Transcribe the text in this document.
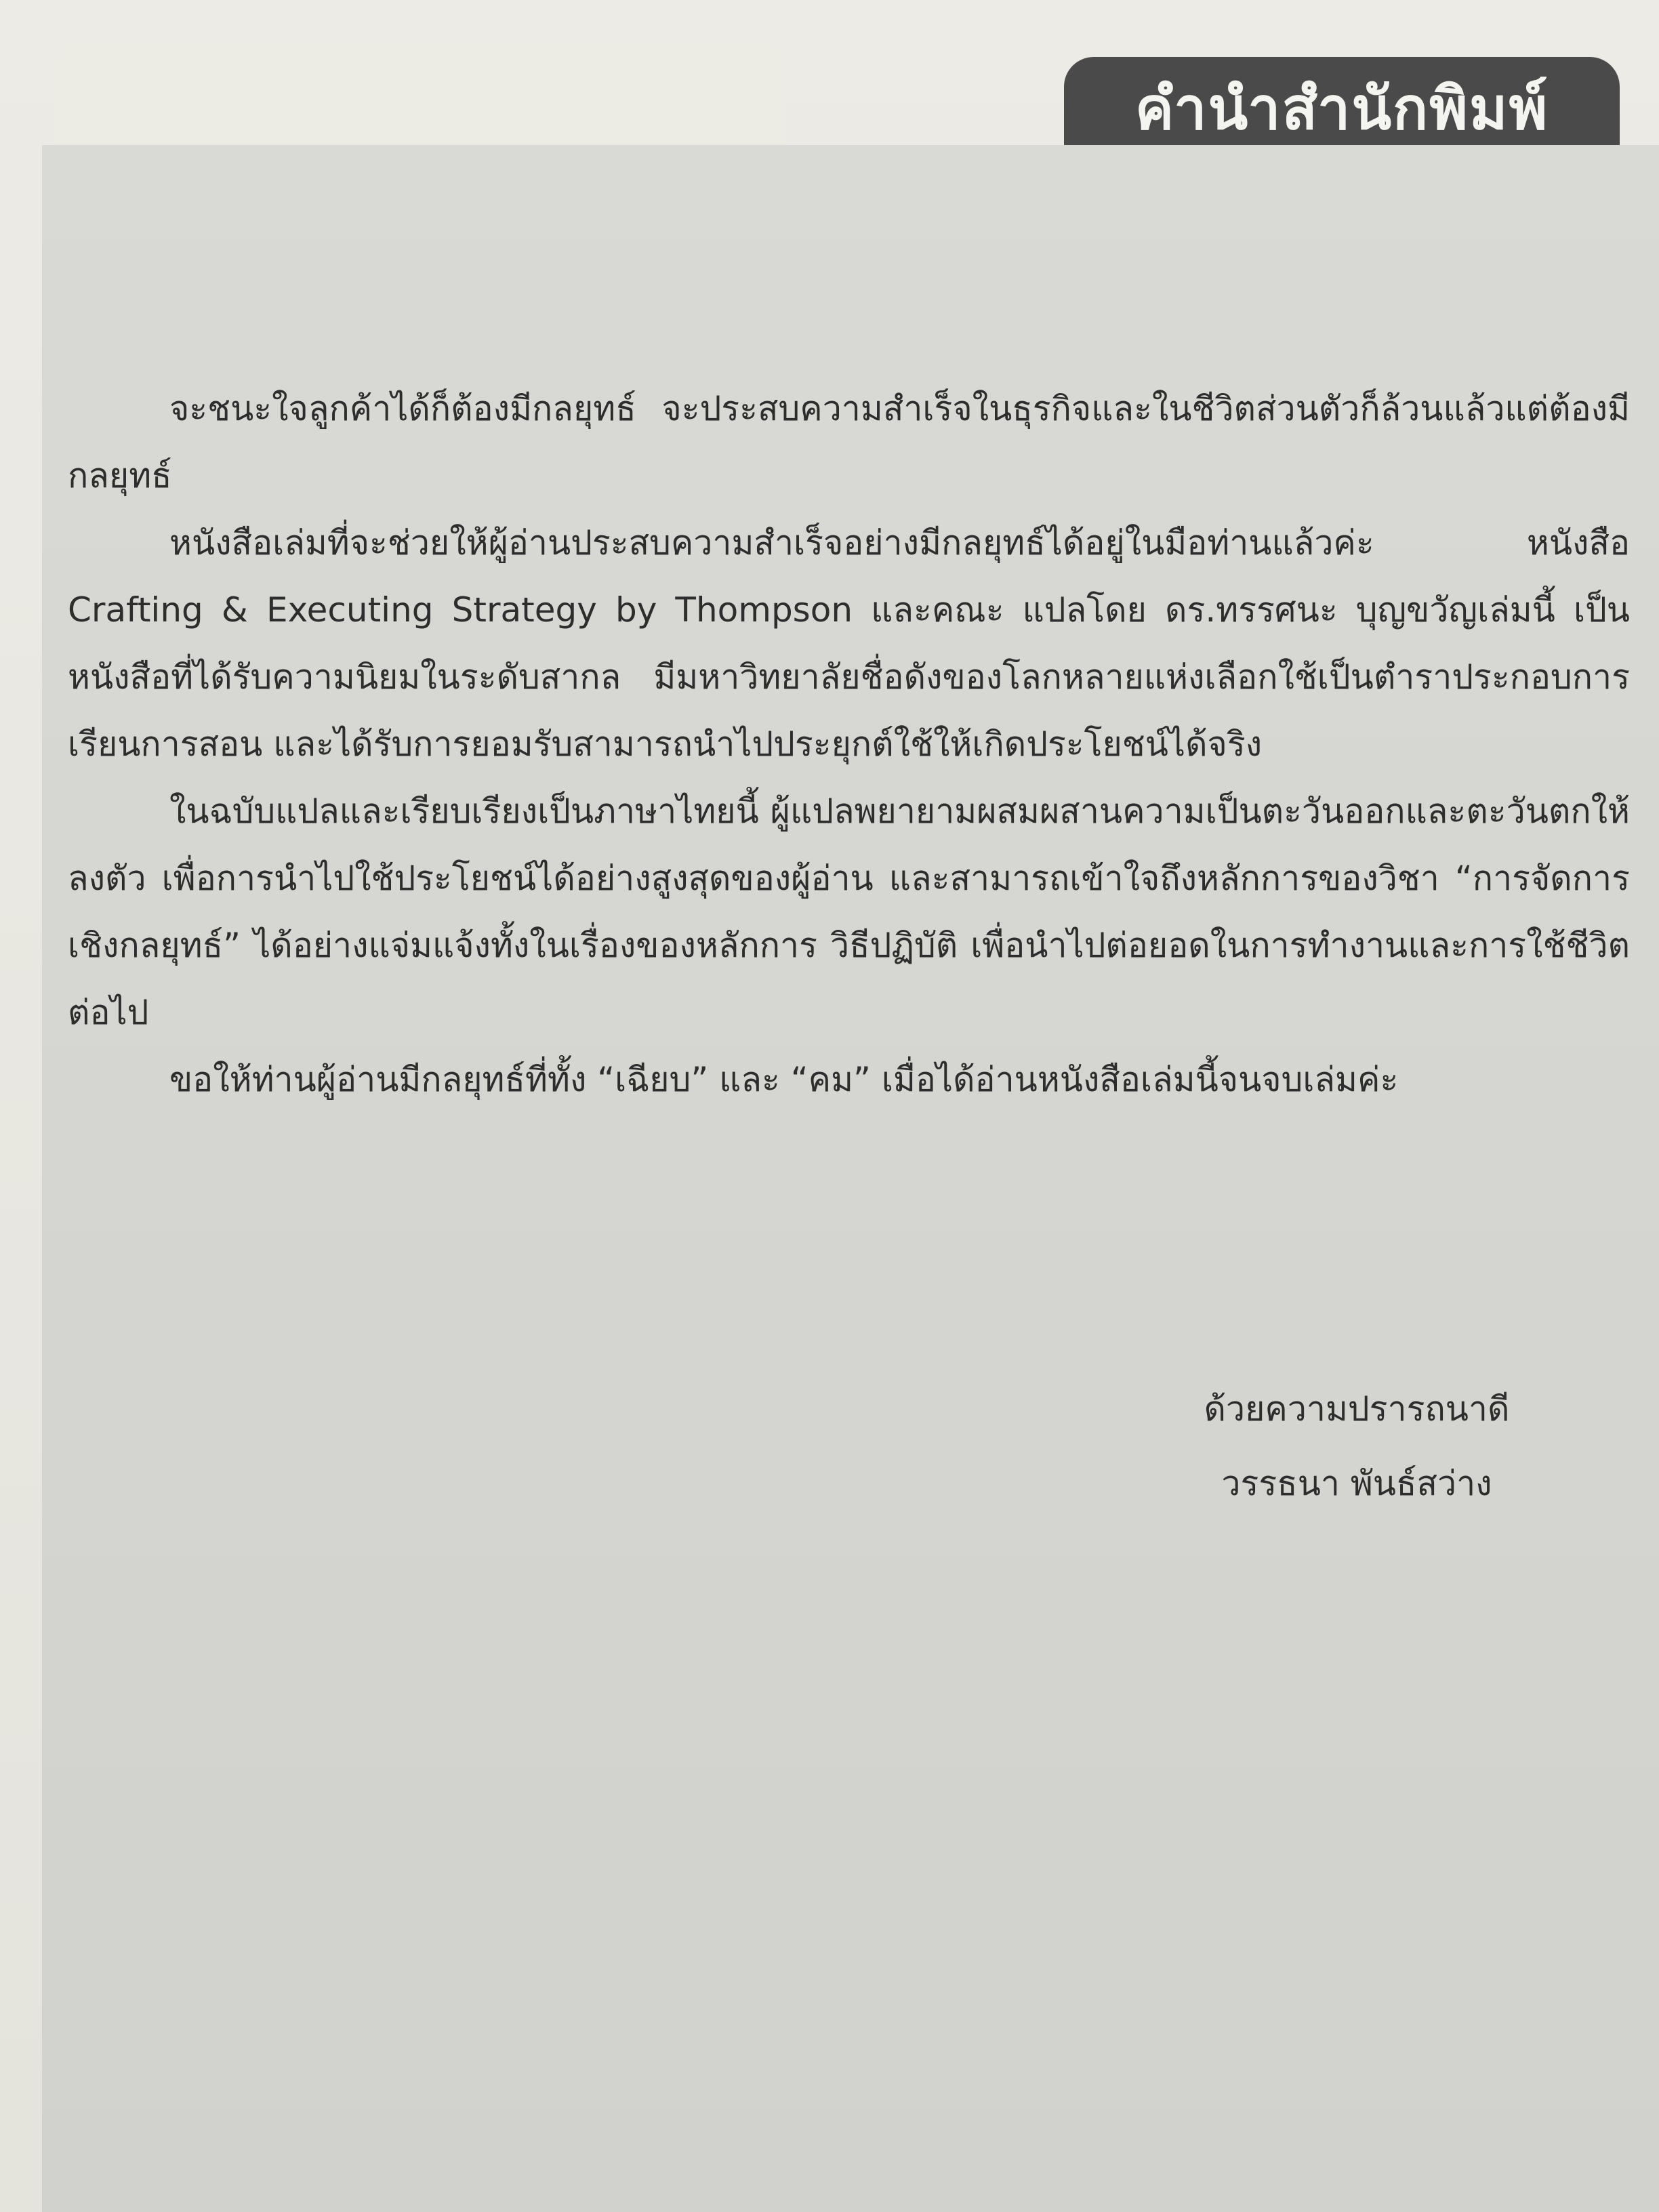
คำนำสำนักพิมพ์

จะชนะใจลูกค้าได้ก็ต้องมีกลยุทธ์ จะประสบความสำเร็จในธุรกิจและในชีวิตส่วนตัวก็ล้วนแล้วแต่ต้องมีกลยุทธ์

หนังสือเล่มที่จะช่วยให้ผู้อ่านประสบความสำเร็จอย่างมีกลยุทธ์ได้อยู่ในมือท่านแล้วค่ะ หนังสือ Crafting & Executing Strategy by Thompson และคณะ แปลโดย ดร.ทรรศนะ บุญขวัญเล่มนี้ เป็นหนังสือที่ได้รับความนิยมในระดับสากล มีมหาวิทยาลัยชื่อดังของโลกหลายแห่งเลือกใช้เป็นตำราประกอบการเรียนการสอน และได้รับการยอมรับสามารถนำไปประยุกต์ใช้ให้เกิดประโยชน์ได้จริง

ในฉบับแปลและเรียบเรียงเป็นภาษาไทยนี้ ผู้แปลพยายามผสมผสานความเป็นตะวันออกและตะวันตกให้ลงตัว เพื่อการนำไปใช้ประโยชน์ได้อย่างสูงสุดของผู้อ่าน และสามารถเข้าใจถึงหลักการของวิชา “การจัดการเชิงกลยุทธ์” ได้อย่างแจ่มแจ้งทั้งในเรื่องของหลักการ วิธีปฏิบัติ เพื่อนำไปต่อยอดในการทำงานและการใช้ชีวิตต่อไป

ขอให้ท่านผู้อ่านมีกลยุทธ์ที่ทั้ง “เฉียบ” และ “คม” เมื่อได้อ่านหนังสือเล่มนี้จนจบเล่มค่ะ

ด้วยความปรารถนาดี
วรรธนา พันธ์สว่าง
